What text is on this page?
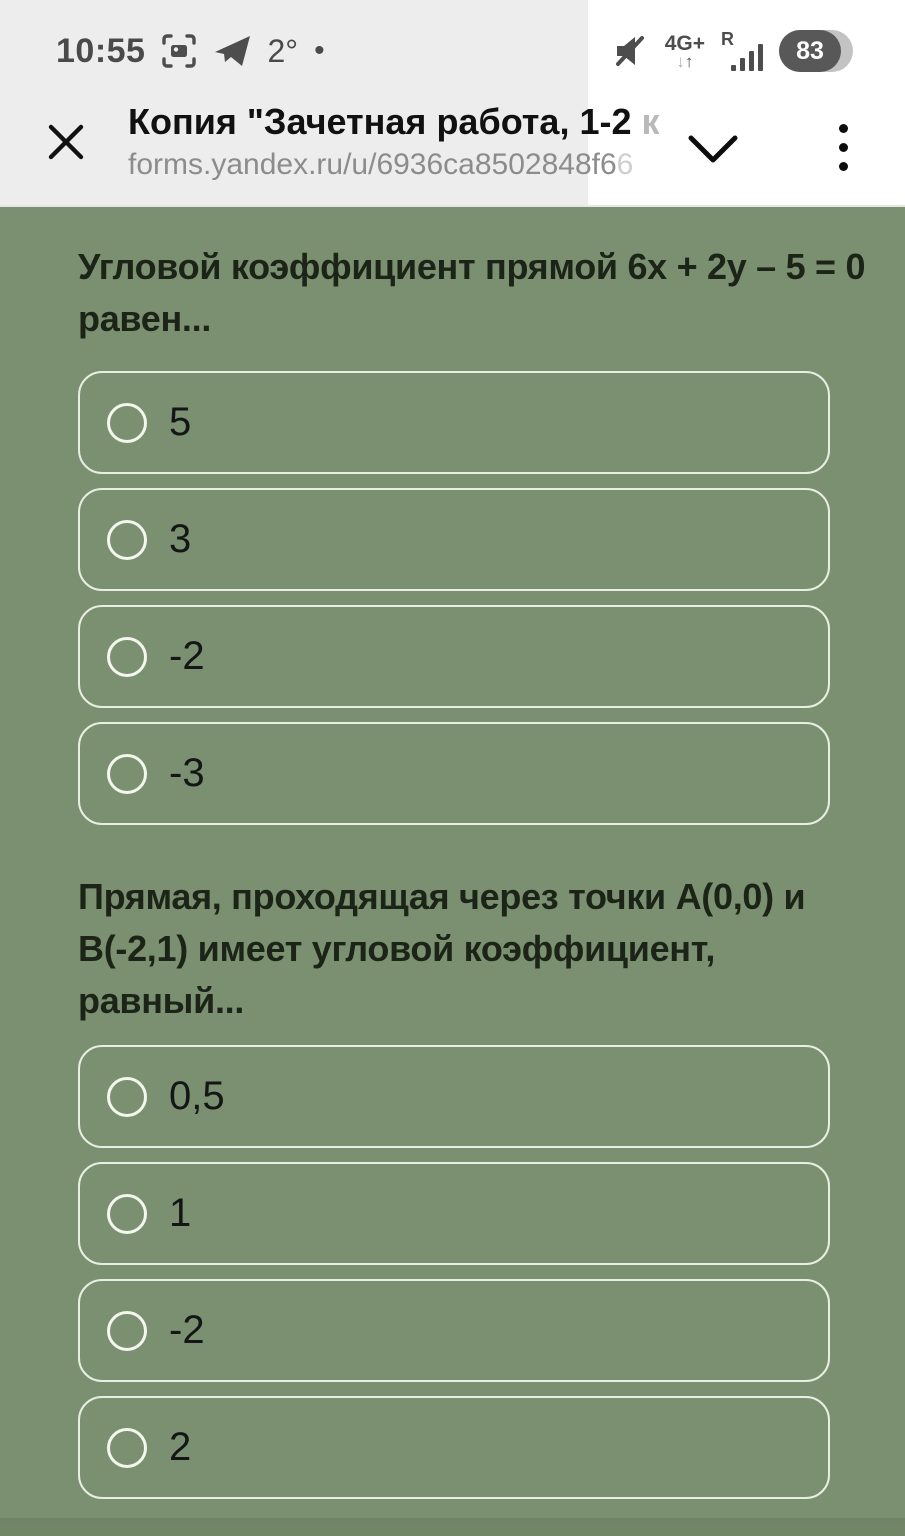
10:55	2° •	4G+
↓↑
R 83
Копия "Зачетная работа, 1-2 к
forms.yandex.ru/u/6936ca8502848f66
Угловой коэффициент прямой 6x + 2y – 5 = 0
равен...
5
3
-2
-3
Прямая, проходящая через точки A(0,0) и
B(-2,1) имеет угловой коэффициент,
равный...
0,5
1
-2
2
